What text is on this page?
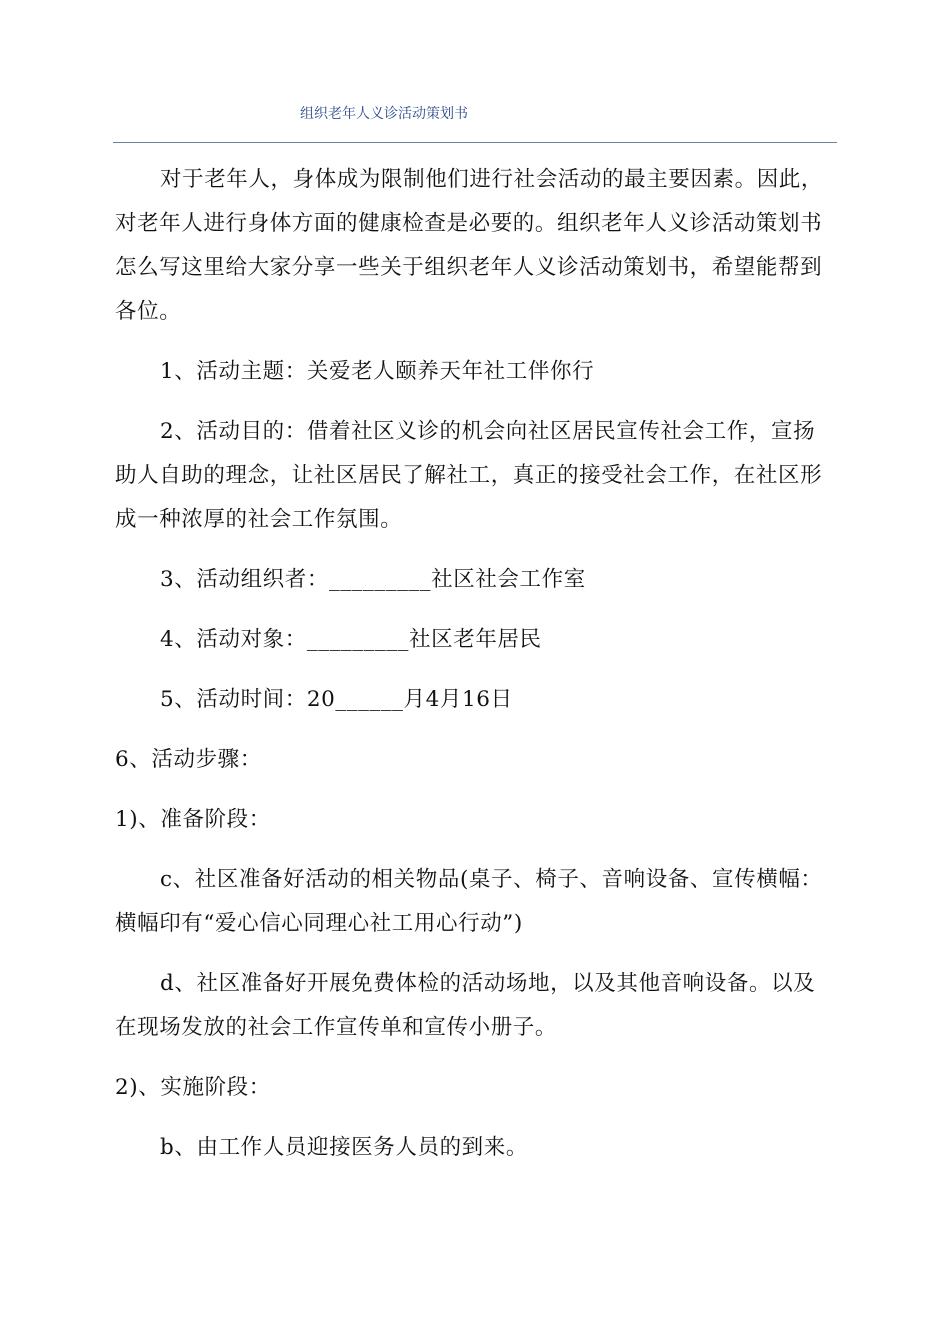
组织老年人义诊活动策划书

对于老年人，身体成为限制他们进行社会活动的最主要因素。因此，对老年人进行身体方面的健康检查是必要的。组织老年人义诊活动策划书怎么写这里给大家分享一些关于组织老年人义诊活动策划书，希望能帮到各位。

1、活动主题：关爱老人颐养天年社工伴你行

2、活动目的：借着社区义诊的机会向社区居民宣传社会工作，宣扬助人自助的理念，让社区居民了解社工，真正的接受社会工作，在社区形成一种浓厚的社会工作氛围。

3、活动组织者：_________社区社会工作室

4、活动对象：_________社区老年居民

5、活动时间：20______月4月16日

6、活动步骤：

1)、准备阶段：

c、社区准备好活动的相关物品(桌子、椅子、音响设备、宣传横幅：横幅印有“爱心信心同理心社工用心行动”)

d、社区准备好开展免费体检的活动场地，以及其他音响设备。以及在现场发放的社会工作宣传单和宣传小册子。

2)、实施阶段：

b、由工作人员迎接医务人员的到来。
